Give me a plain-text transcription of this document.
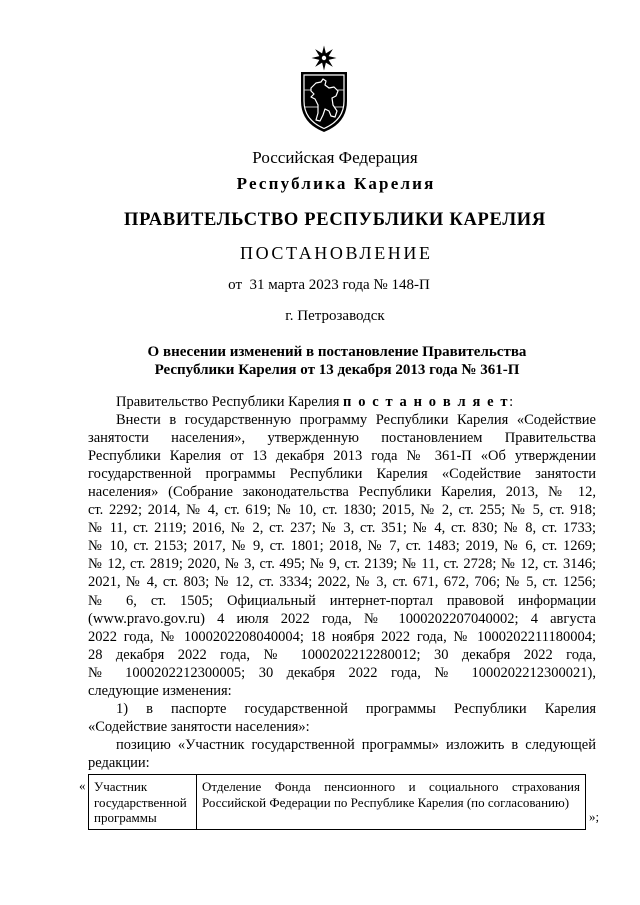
Российская Федерация
Республика Карелия
ПРАВИТЕЛЬСТВО РЕСПУБЛИКИ КАРЕЛИЯ
ПОСТАНОВЛЕНИЕ
от  31 марта 2023 года № 148-П
г. Петрозаводск
О внесении изменений в постановление Правительства
Республики Карелия от 13 декабря 2013 года № 361-П
Правительство Республики Карелия п о с т а н о в л я е т:
Внести в государственную программу Республики Карелия «Содействие
занятости населения», утвержденную постановлением Правительства
Республики Карелия от 13 декабря 2013 года № 361-П «Об утверждении
государственной программы Республики Карелия «Содействие занятости
населения» (Собрание законодательства Республики Карелия, 2013, № 12,
ст. 2292; 2014, № 4, ст. 619; № 10, ст. 1830; 2015, № 2, ст. 255; № 5, ст. 918;
№ 11, ст. 2119; 2016, № 2, ст. 237; № 3, ст. 351; № 4, ст. 830; № 8, ст. 1733;
№ 10, ст. 2153; 2017, № 9, ст. 1801; 2018, № 7, ст. 1483; 2019, № 6, ст. 1269;
№ 12, ст. 2819; 2020, № 3, ст. 495; № 9, ст. 2139; № 11, ст. 2728; № 12, ст. 3146;
2021, № 4, ст. 803; № 12, ст. 3334; 2022, № 3, ст. 671, 672, 706; № 5, ст. 1256;
№ 6, ст. 1505; Официальный интернет-портал правовой информации
(www.pravo.gov.ru) 4 июля 2022 года, № 1000202207040002; 4 августа
2022 года, № 1000202208040004; 18 ноября 2022 года, № 1000202211180004;
28 декабря 2022 года, № 1000202212280012; 30 декабря 2022 года,
№ 1000202212300005; 30 декабря 2022 года, № 1000202212300021),
следующие изменения:
1) в паспорте государственной программы Республики Карелия
«Содействие занятости населения»:
позицию «Участник государственной программы» изложить в следующей
редакции:
« Участник государственной программы
Отделение Фонда пенсионного и социального страхования
Российской Федерации по Республике Карелия (по согласованию)
»;
